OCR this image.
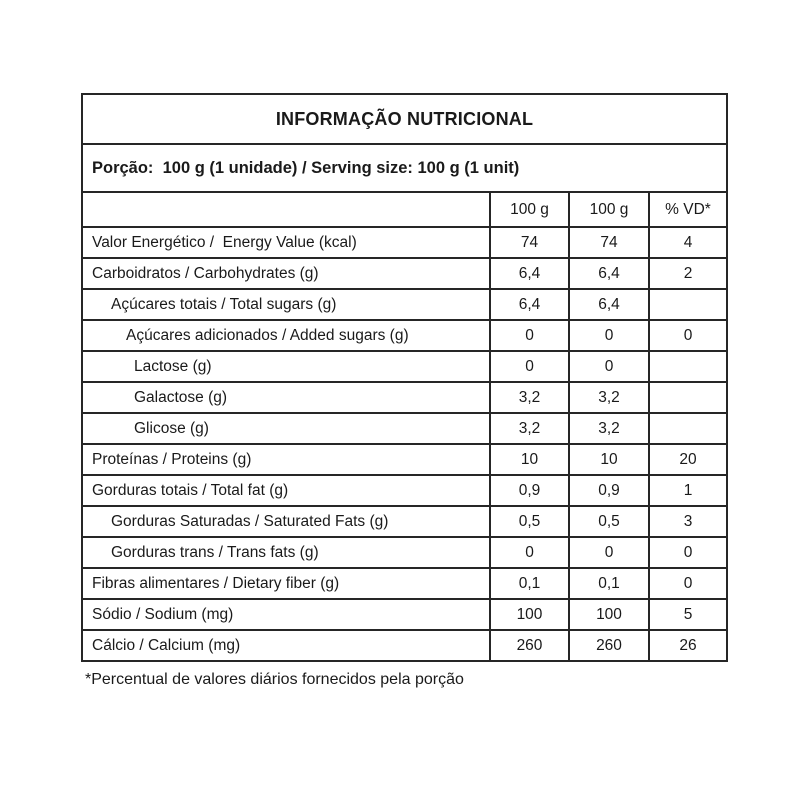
INFORMAÇÃO NUTRICIONAL			
Porção:  100 g (1 unidade) / Serving size: 100 g (1 unit)			
	100 g	100 g	% VD*
Valor Energético /  Energy Value (kcal)	74	74	4
Carboidratos / Carbohydrates (g)	6,4	6,4	2
Açúcares totais / Total sugars (g)	6,4	6,4	
Açúcares adicionados / Added sugars (g)	0	0	0
Lactose (g)	0	0	
Galactose (g)	3,2	3,2	
Glicose (g)	3,2	3,2	
Proteínas / Proteins (g)	10	10	20
Gorduras totais / Total fat (g)	0,9	0,9	1
Gorduras Saturadas / Saturated Fats (g)	0,5	0,5	3
Gorduras trans / Trans fats (g)	0	0	0
Fibras alimentares / Dietary fiber (g)	0,1	0,1	0
Sódio / Sodium (mg)	100	100	5
Cálcio / Calcium (mg)	260	260	26
*Percentual de valores diários fornecidos pela porção
